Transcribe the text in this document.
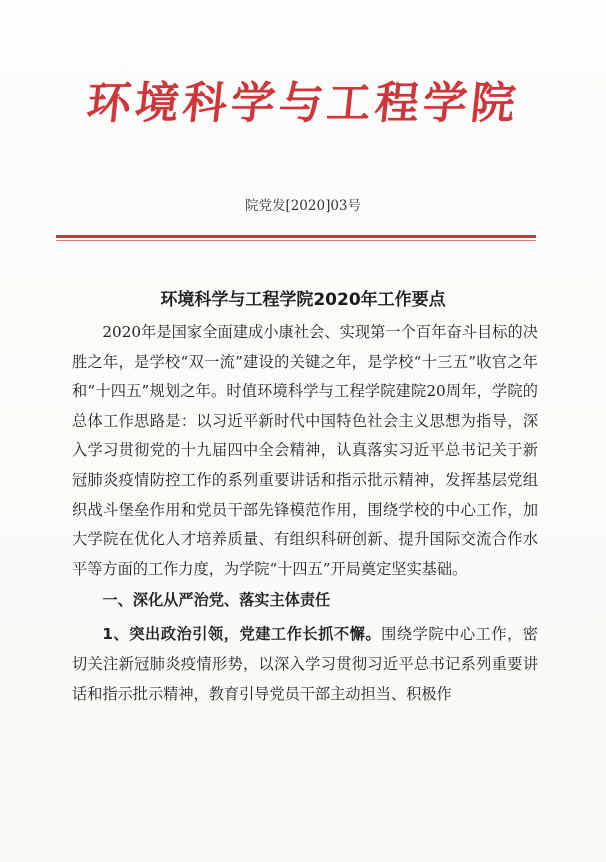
环境科学与工程学院
院党发[2020]03号
环境科学与工程学院2020年工作要点

2020年是国家全面建成小康社会、实现第一个百年奋斗目标的决胜之年，是学校“双一流”建设的关键之年，是学校“十三五”收官之年和“十四五”规划之年。时值环境科学与工程学院建院20周年，学院的总体工作思路是：以习近平新时代中国特色社会主义思想为指导，深入学习贯彻党的十九届四中全会精神，认真落实习近平总书记关于新冠肺炎疫情防控工作的系列重要讲话和指示批示精神，发挥基层党组织战斗堡垒作用和党员干部先锋模范作用，围绕学校的中心工作，加大学院在优化人才培养质量、有组织科研创新、提升国际交流合作水平等方面的工作力度，为学院“十四五”开局奠定坚实基础。

一、深化从严治党、落实主体责任

1、突出政治引领，党建工作长抓不懈。围绕学院中心工作，密切关注新冠肺炎疫情形势，以深入学习贯彻习近平总书记系列重要讲话和指示批示精神，教育引导党员干部主动担当、积极作
